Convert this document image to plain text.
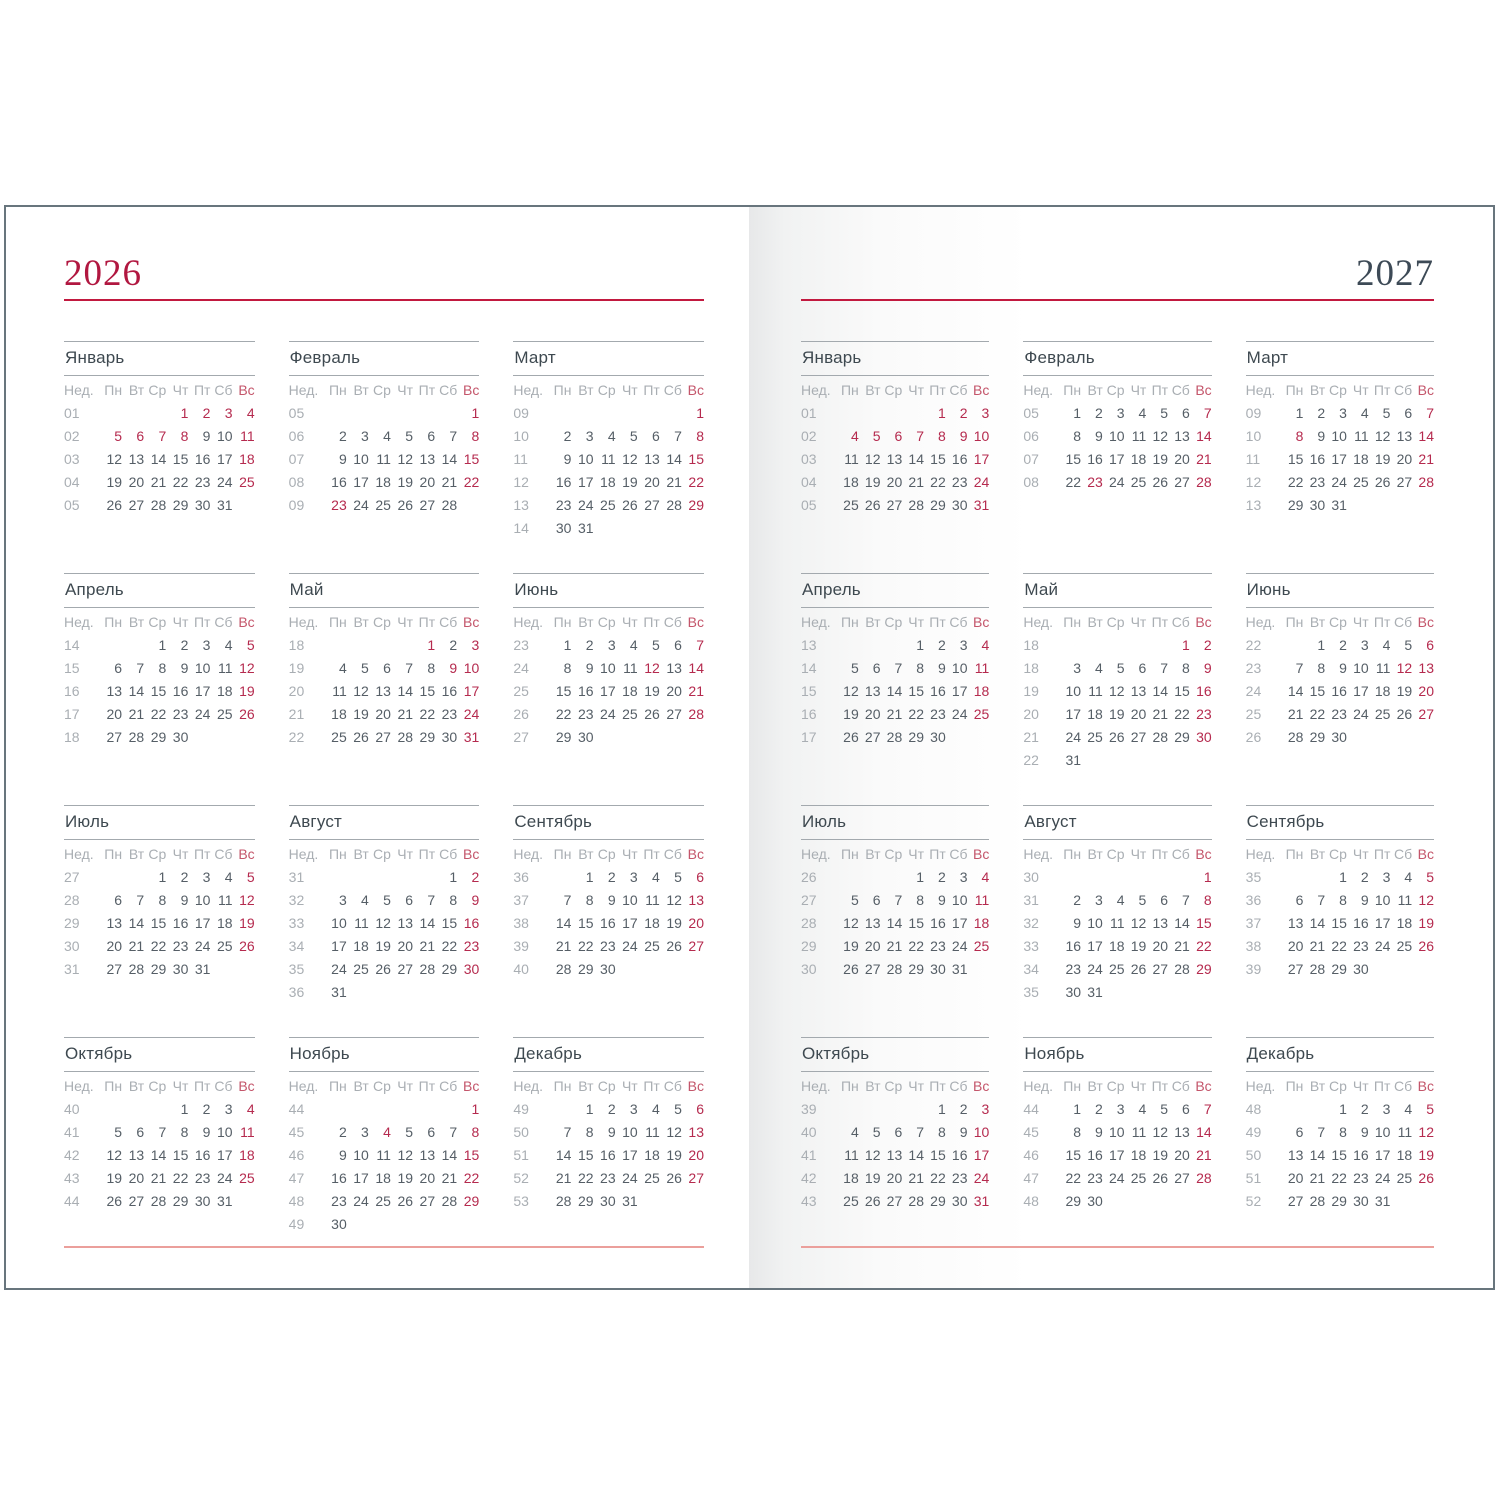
2026
Январь
Нед.	Пн	Вт	Ср	Чт	Пт	Сб	Вс
01				1	2	3	4
02	5	6	7	8	9	10	11
03	12	13	14	15	16	17	18
04	19	20	21	22	23	24	25
05	26	27	28	29	30	31	
Февраль
Нед.	Пн	Вт	Ср	Чт	Пт	Сб	Вс
05							1
06	2	3	4	5	6	7	8
07	9	10	11	12	13	14	15
08	16	17	18	19	20	21	22
09	23	24	25	26	27	28	
Март
Нед.	Пн	Вт	Ср	Чт	Пт	Сб	Вс
09							1
10	2	3	4	5	6	7	8
11	9	10	11	12	13	14	15
12	16	17	18	19	20	21	22
13	23	24	25	26	27	28	29
14	30	31					
Апрель
Нед.	Пн	Вт	Ср	Чт	Пт	Сб	Вс
14			1	2	3	4	5
15	6	7	8	9	10	11	12
16	13	14	15	16	17	18	19
17	20	21	22	23	24	25	26
18	27	28	29	30			
Май
Нед.	Пн	Вт	Ср	Чт	Пт	Сб	Вс
18					1	2	3
19	4	5	6	7	8	9	10
20	11	12	13	14	15	16	17
21	18	19	20	21	22	23	24
22	25	26	27	28	29	30	31
Июнь
Нед.	Пн	Вт	Ср	Чт	Пт	Сб	Вс
23	1	2	3	4	5	6	7
24	8	9	10	11	12	13	14
25	15	16	17	18	19	20	21
26	22	23	24	25	26	27	28
27	29	30					
Июль
Нед.	Пн	Вт	Ср	Чт	Пт	Сб	Вс
27			1	2	3	4	5
28	6	7	8	9	10	11	12
29	13	14	15	16	17	18	19
30	20	21	22	23	24	25	26
31	27	28	29	30	31		
Август
Нед.	Пн	Вт	Ср	Чт	Пт	Сб	Вс
31						1	2
32	3	4	5	6	7	8	9
33	10	11	12	13	14	15	16
34	17	18	19	20	21	22	23
35	24	25	26	27	28	29	30
36	31						
Сентябрь
Нед.	Пн	Вт	Ср	Чт	Пт	Сб	Вс
36		1	2	3	4	5	6
37	7	8	9	10	11	12	13
38	14	15	16	17	18	19	20
39	21	22	23	24	25	26	27
40	28	29	30				
Октябрь
Нед.	Пн	Вт	Ср	Чт	Пт	Сб	Вс
40				1	2	3	4
41	5	6	7	8	9	10	11
42	12	13	14	15	16	17	18
43	19	20	21	22	23	24	25
44	26	27	28	29	30	31	
Ноябрь
Нед.	Пн	Вт	Ср	Чт	Пт	Сб	Вс
44							1
45	2	3	4	5	6	7	8
46	9	10	11	12	13	14	15
47	16	17	18	19	20	21	22
48	23	24	25	26	27	28	29
49	30						
Декабрь
Нед.	Пн	Вт	Ср	Чт	Пт	Сб	Вс
49		1	2	3	4	5	6
50	7	8	9	10	11	12	13
51	14	15	16	17	18	19	20
52	21	22	23	24	25	26	27
53	28	29	30	31			
2027
Январь
Нед.	Пн	Вт	Ср	Чт	Пт	Сб	Вс
01					1	2	3
02	4	5	6	7	8	9	10
03	11	12	13	14	15	16	17
04	18	19	20	21	22	23	24
05	25	26	27	28	29	30	31
Февраль
Нед.	Пн	Вт	Ср	Чт	Пт	Сб	Вс
05	1	2	3	4	5	6	7
06	8	9	10	11	12	13	14
07	15	16	17	18	19	20	21
08	22	23	24	25	26	27	28
Март
Нед.	Пн	Вт	Ср	Чт	Пт	Сб	Вс
09	1	2	3	4	5	6	7
10	8	9	10	11	12	13	14
11	15	16	17	18	19	20	21
12	22	23	24	25	26	27	28
13	29	30	31				
Апрель
Нед.	Пн	Вт	Ср	Чт	Пт	Сб	Вс
13				1	2	3	4
14	5	6	7	8	9	10	11
15	12	13	14	15	16	17	18
16	19	20	21	22	23	24	25
17	26	27	28	29	30		
Май
Нед.	Пн	Вт	Ср	Чт	Пт	Сб	Вс
18						1	2
18	3	4	5	6	7	8	9
19	10	11	12	13	14	15	16
20	17	18	19	20	21	22	23
21	24	25	26	27	28	29	30
22	31						
Июнь
Нед.	Пн	Вт	Ср	Чт	Пт	Сб	Вс
22		1	2	3	4	5	6
23	7	8	9	10	11	12	13
24	14	15	16	17	18	19	20
25	21	22	23	24	25	26	27
26	28	29	30				
Июль
Нед.	Пн	Вт	Ср	Чт	Пт	Сб	Вс
26				1	2	3	4
27	5	6	7	8	9	10	11
28	12	13	14	15	16	17	18
29	19	20	21	22	23	24	25
30	26	27	28	29	30	31	
Август
Нед.	Пн	Вт	Ср	Чт	Пт	Сб	Вс
30							1
31	2	3	4	5	6	7	8
32	9	10	11	12	13	14	15
33	16	17	18	19	20	21	22
34	23	24	25	26	27	28	29
35	30	31					
Сентябрь
Нед.	Пн	Вт	Ср	Чт	Пт	Сб	Вс
35			1	2	3	4	5
36	6	7	8	9	10	11	12
37	13	14	15	16	17	18	19
38	20	21	22	23	24	25	26
39	27	28	29	30			
Октябрь
Нед.	Пн	Вт	Ср	Чт	Пт	Сб	Вс
39					1	2	3
40	4	5	6	7	8	9	10
41	11	12	13	14	15	16	17
42	18	19	20	21	22	23	24
43	25	26	27	28	29	30	31
Ноябрь
Нед.	Пн	Вт	Ср	Чт	Пт	Сб	Вс
44	1	2	3	4	5	6	7
45	8	9	10	11	12	13	14
46	15	16	17	18	19	20	21
47	22	23	24	25	26	27	28
48	29	30					
Декабрь
Нед.	Пн	Вт	Ср	Чт	Пт	Сб	Вс
48			1	2	3	4	5
49	6	7	8	9	10	11	12
50	13	14	15	16	17	18	19
51	20	21	22	23	24	25	26
52	27	28	29	30	31		
